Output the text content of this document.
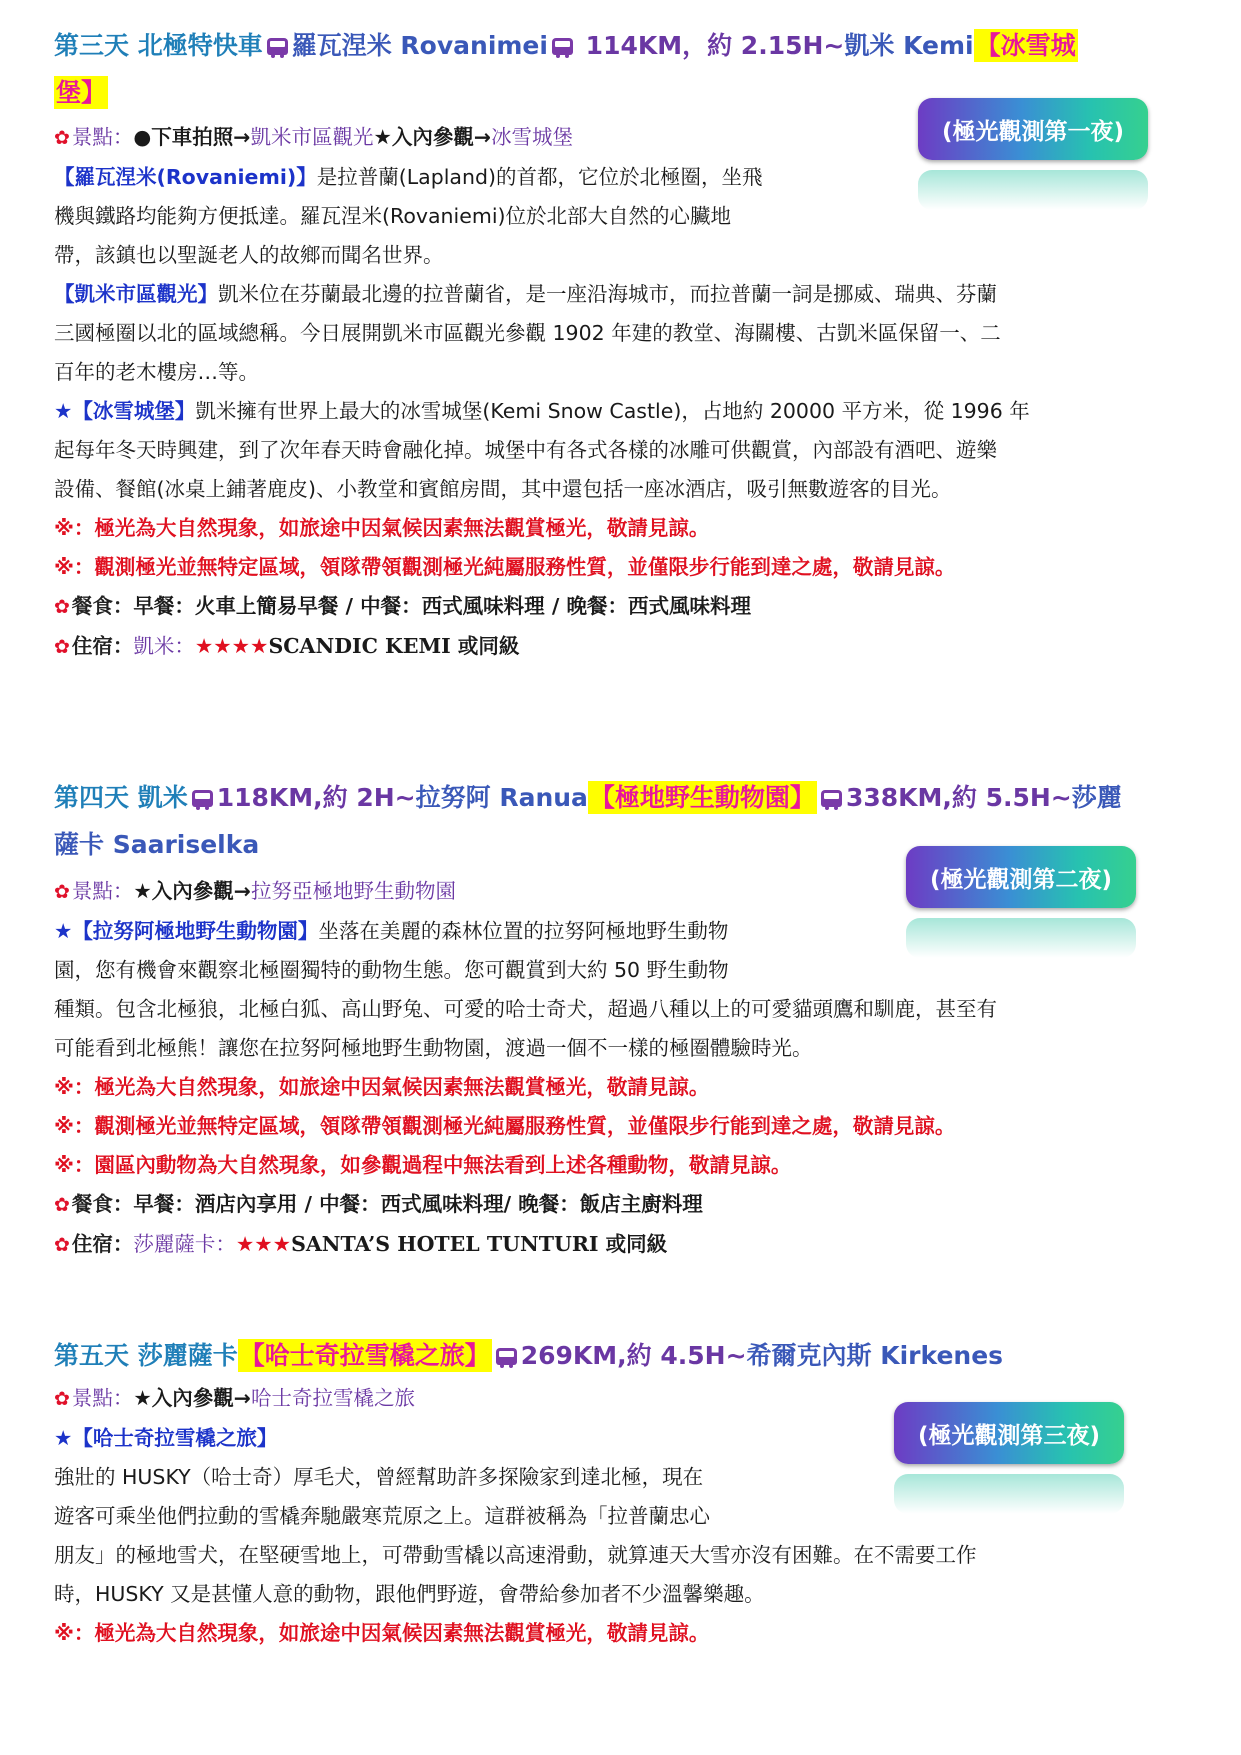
第三天 北極特快車 羅瓦涅米 Rovanimei 114KM，約 2.15H~凱米 Kemi【冰雪城
堡】

✿景點：●下車拍照→凱米市區觀光★入內參觀→冰雪城堡

【羅瓦涅米(Rovaniemi)】是拉普蘭(Lapland)的首都，它位於北極圈，坐飛

機與鐵路均能夠方便抵達。羅瓦涅米(Rovaniemi)位於北部大自然的心臟地

帶，該鎮也以聖誕老人的故鄉而聞名世界。

【凱米市區觀光】凱米位在芬蘭最北邊的拉普蘭省，是一座沿海城市，而拉普蘭一詞是挪威、瑞典、芬蘭

三國極圈以北的區域總稱。今日展開凱米市區觀光參觀 1902 年建的教堂、海關樓、古凱米區保留一、二

百年的老木樓房…等。

★【冰雪城堡】凱米擁有世界上最大的冰雪城堡(Kemi Snow Castle)，占地約 20000 平方米，從 1996 年

起每年冬天時興建，到了次年春天時會融化掉。城堡中有各式各樣的冰雕可供觀賞，內部設有酒吧、遊樂

設備、餐館(冰桌上鋪著鹿皮)、小教堂和賓館房間，其中還包括一座冰酒店，吸引無數遊客的目光。

※：極光為大自然現象，如旅途中因氣候因素無法觀賞極光，敬請見諒。

※：觀測極光並無特定區域，領隊帶領觀測極光純屬服務性質，並僅限步行能到達之處，敬請見諒。

✿餐食：早餐：火車上簡易早餐 / 中餐：西式風味料理 / 晚餐：西式風味料理

✿住宿：凱米：★★★★SCANDIC KEMI 或同級

(極光觀測第一夜)

第四天 凱米 118KM,約 2H~拉努阿 Ranua【極地野生動物園】 338KM,約 5.5H~莎麗
薩卡 Saariselka

✿景點：★入內參觀→拉努亞極地野生動物園

★【拉努阿極地野生動物園】坐落在美麗的森林位置的拉努阿極地野生動物

園，您有機會來觀察北極圈獨特的動物生態。您可觀賞到大約 50 野生動物

種類。包含北極狼，北極白狐、高山野兔、可愛的哈士奇犬，超過八種以上的可愛貓頭鷹和馴鹿，甚至有

可能看到北極熊！讓您在拉努阿極地野生動物園，渡過一個不一樣的極圈體驗時光。

※：極光為大自然現象，如旅途中因氣候因素無法觀賞極光，敬請見諒。

※：觀測極光並無特定區域，領隊帶領觀測極光純屬服務性質，並僅限步行能到達之處，敬請見諒。

※：園區內動物為大自然現象，如參觀過程中無法看到上述各種動物，敬請見諒。

✿餐食：早餐：酒店內享用 / 中餐：西式風味料理/ 晚餐：飯店主廚料理

✿住宿：莎麗薩卡：★★★SANTA’S HOTEL TUNTURI 或同級

(極光觀測第二夜)

第五天 莎麗薩卡【哈士奇拉雪橇之旅】 269KM,約 4.5H~希爾克內斯 Kirkenes

✿景點：★入內參觀→哈士奇拉雪橇之旅

★【哈士奇拉雪橇之旅】

強壯的 HUSKY（哈士奇）厚毛犬，曾經幫助許多探險家到達北極，現在

遊客可乘坐他們拉動的雪橇奔馳嚴寒荒原之上。這群被稱為「拉普蘭忠心

朋友」的極地雪犬，在堅硬雪地上，可帶動雪橇以高速滑動，就算連天大雪亦沒有困難。在不需要工作

時，HUSKY 又是甚懂人意的動物，跟他們野遊，會帶給參加者不少溫馨樂趣。

※：極光為大自然現象，如旅途中因氣候因素無法觀賞極光，敬請見諒。

(極光觀測第三夜)
